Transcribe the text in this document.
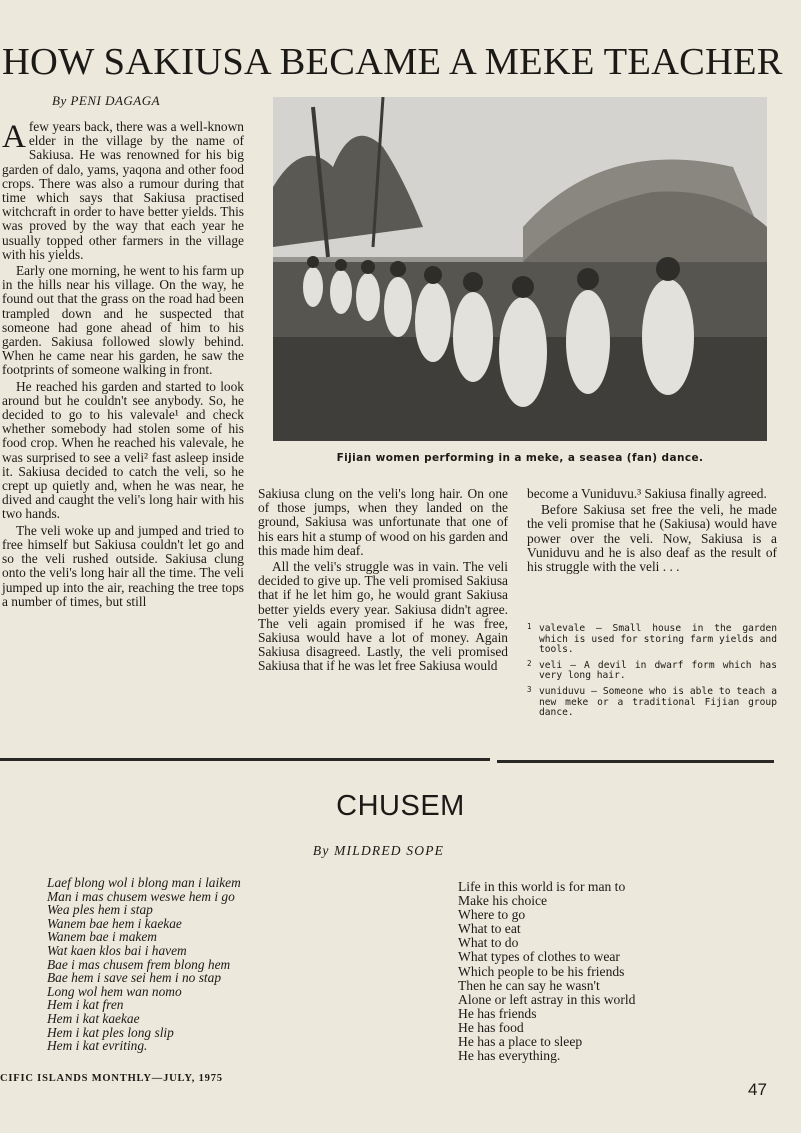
HOW SAKIUSA BECAME A MEKE TEACHER
By PENI DAGAGA

Afew years back, there was a well-known elder in the village by the name of Sakiusa. He was renowned for his big garden of dalo, yams, yaqona and other food crops. There was also a rumour during that time which says that Sakiusa practised witchcraft in order to have better yields. This was proved by the way that each year he usually topped other farmers in the village with his yields.

Early one morning, he went to his farm up in the hills near his village. On the way, he found out that the grass on the road had been trampled down and he suspected that someone had gone ahead of him to his garden. Sakiusa followed slowly behind. When he came near his garden, he saw the footprints of someone walking in front.

He reached his garden and started to look around but he couldn't see anybody. So, he decided to go to his valevale¹ and check whether somebody had stolen some of his food crop. When he reached his valevale, he was surprised to see a veli² fast asleep inside it. Sakiusa decided to catch the veli, so he crept up quietly and, when he was near, he dived and caught the veli's long hair with his two hands.

The veli woke up and jumped and tried to free himself but Sakiusa couldn't let go and so the veli rushed outside. Sakiusa clung onto the veli's long hair all the time. The veli jumped up into the air, reaching the tree tops a number of times, but still

Fijian women performing in a meke, a seasea (fan) dance.

Sakiusa clung on the veli's long hair. On one of those jumps, when they landed on the ground, Sakiusa was unfortunate that one of his ears hit a stump of wood on his garden and this made him deaf.

All the veli's struggle was in vain. The veli decided to give up. The veli promised Sakiusa that if he let him go, he would grant Sakiusa better yields every year. Sakiusa didn't agree. The veli again promised if he was free, Sakiusa would have a lot of money. Again Sakiusa disagreed. Lastly, the veli promised Sakiusa that if he was let free Sakiusa would

become a Vuniduvu.³ Sakiusa finally agreed.

Before Sakiusa set free the veli, he made the veli promise that he (Sakiusa) would have power over the veli. Now, Sakiusa is a Vuniduvu and he is also deaf as the result of his struggle with the veli . . .

1 valevale — Small house in the garden which is used for storing farm yields and tools.
2 veli — A devil in dwarf form which has very long hair.
3 vuniduvu — Someone who is able to teach a new meke or a traditional Fijian group dance.
CHUSEM
By MILDRED SOPE
Laef blong wol i blong man i laikem
Man i mas chusem weswe hem i go
Wea ples hem i stap
Wanem bae hem i kaekae
Wanem bae i makem
Wat kaen klos bai i havem
Bae i mas chusem frem blong hem
Bae hem i save sei hem i no stap
Long wol hem wan nomo
Hem i kat fren
Hem i kat kaekae
Hem i kat ples long slip
Hem i kat evriting.
Life in this world is for man to
Make his choice
Where to go
What to eat
What to do
What types of clothes to wear
Which people to be his friends
Then he can say he wasn't
Alone or left astray in this world
He has friends
He has food
He has a place to sleep
He has everything.
CIFIC ISLANDS MONTHLY—JULY, 1975
47
